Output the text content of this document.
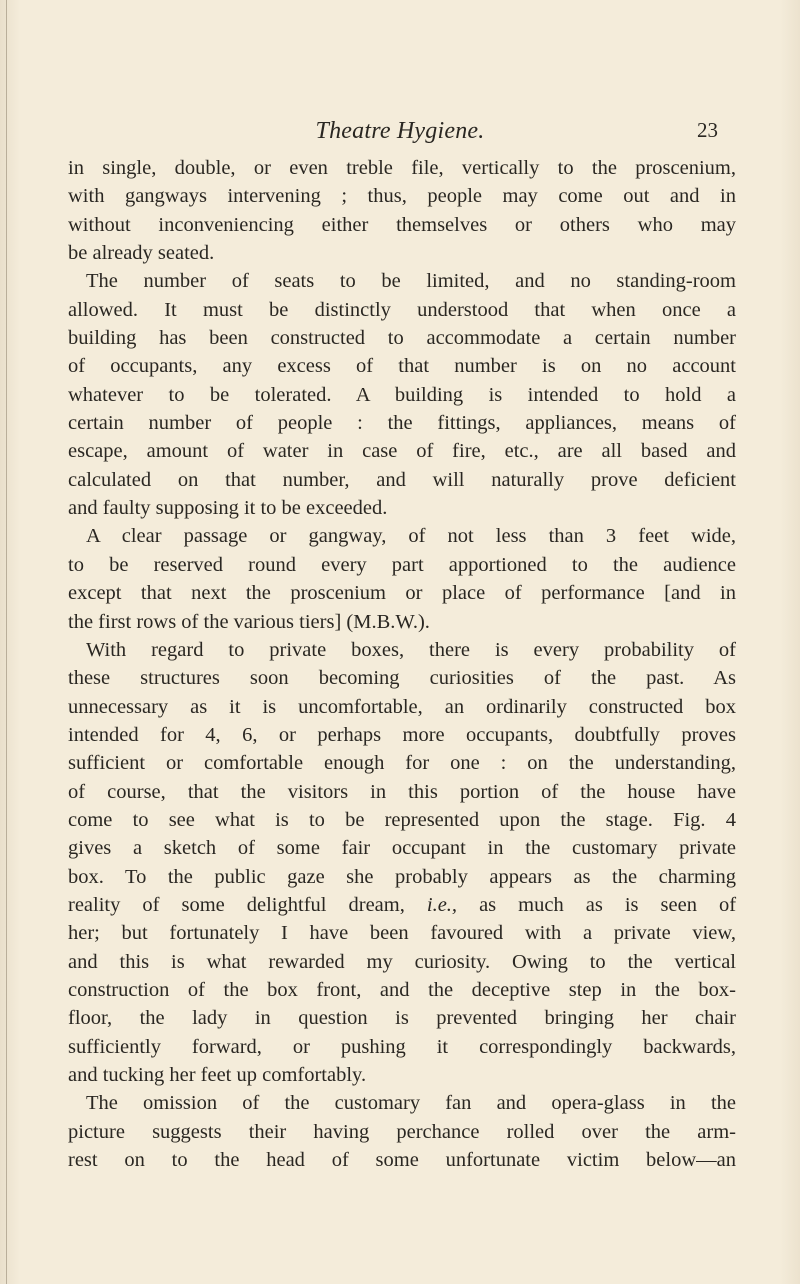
Theatre Hygiene.	23
in single, double, or even treble file, vertically to the proscenium,
with gangways intervening ; thus, people may come out and in
without inconveniencing either themselves or others who may
be already seated.
The number of seats to be limited, and no standing-room
allowed. It must be distinctly understood that when once a
building has been constructed to accommodate a certain number
of occupants, any excess of that number is on no account
whatever to be tolerated. A building is intended to hold a
certain number of people : the fittings, appliances, means of
escape, amount of water in case of fire, etc., are all based and
calculated on that number, and will naturally prove deficient
and faulty supposing it to be exceeded.
A clear passage or gangway, of not less than 3 feet wide,
to be reserved round every part apportioned to the audience
except that next the proscenium or place of performance [and in
the first rows of the various tiers] (M.B.W.).
With regard to private boxes, there is every probability of
these structures soon becoming curiosities of the past. As
unnecessary as it is uncomfortable, an ordinarily constructed box
intended for 4, 6, or perhaps more occupants, doubtfully proves
sufficient or comfortable enough for one : on the understanding,
of course, that the visitors in this portion of the house have
come to see what is to be represented upon the stage. Fig. 4
gives a sketch of some fair occupant in the customary private
box. To the public gaze she probably appears as the charming
reality of some delightful dream, i.e., as much as is seen of
her; but fortunately I have been favoured with a private view,
and this is what rewarded my curiosity. Owing to the vertical
construction of the box front, and the deceptive step in the box-
floor, the lady in question is prevented bringing her chair
sufficiently forward, or pushing it correspondingly backwards,
and tucking her feet up comfortably.
The omission of the customary fan and opera-glass in the
picture suggests their having perchance rolled over the arm-
rest on to the head of some unfortunate victim below—an
